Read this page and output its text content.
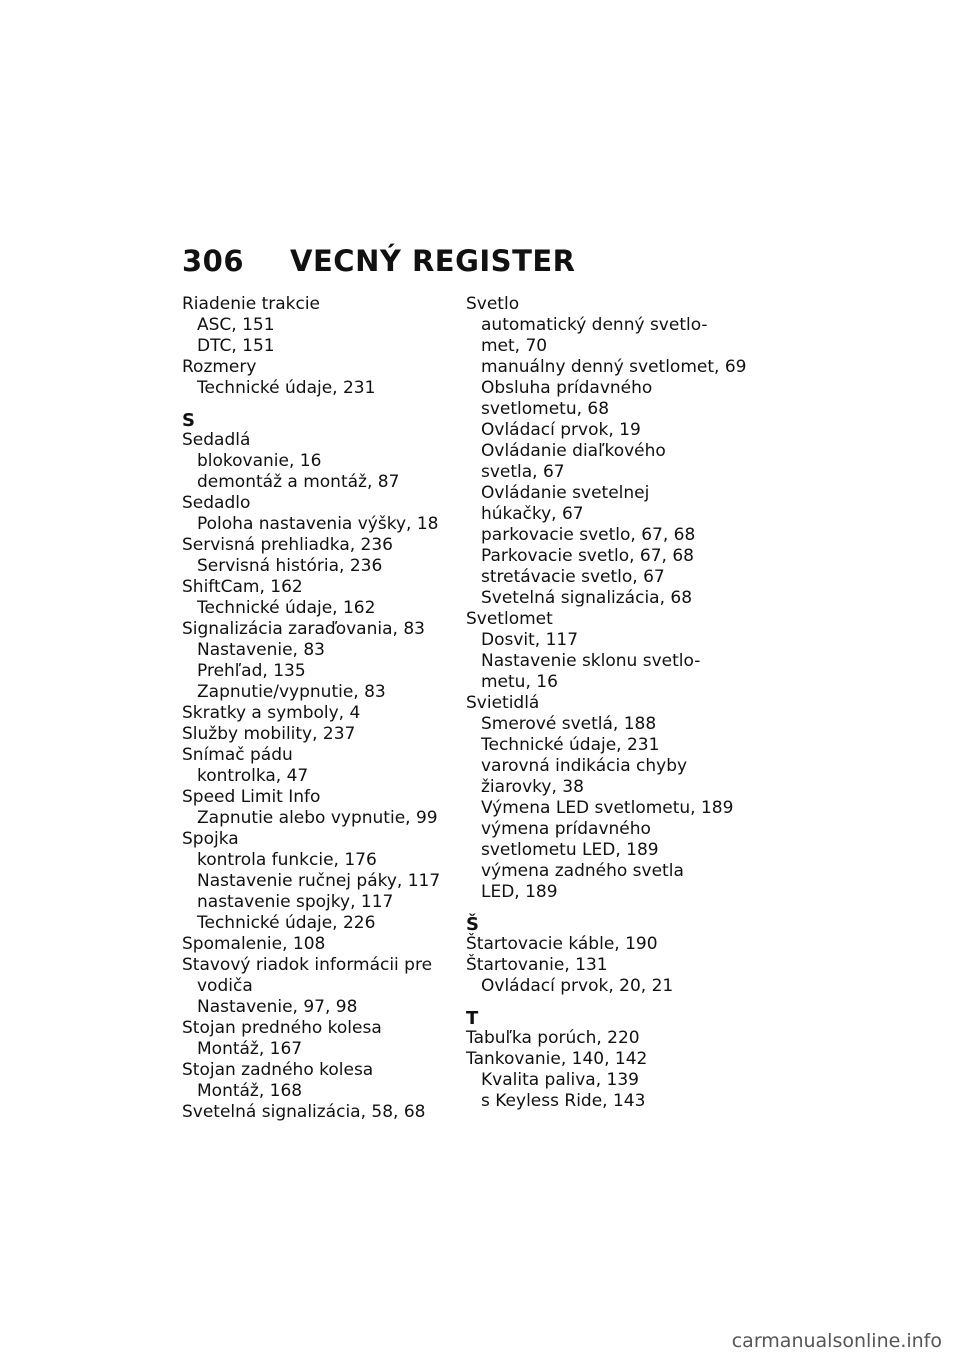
306 VECNÝ REGISTER
Riadenie trakcie
ASC, 151
DTC, 151
Rozmery
Technické údaje, 231
S
Sedadlá
blokovanie, 16
demontáž a montáž, 87
Sedadlo
Poloha nastavenia výšky, 18
Servisná prehliadka, 236
Servisná história, 236
ShiftCam, 162
Technické údaje, 162
Signalizácia zaraďovania, 83
Nastavenie, 83
Prehľad, 135
Zapnutie/vypnutie, 83
Skratky a symboly, 4
Služby mobility, 237
Snímač pádu
kontrolka, 47
Speed Limit Info
Zapnutie alebo vypnutie, 99
Spojka
kontrola funkcie, 176
Nastavenie ručnej páky, 117
nastavenie spojky, 117
Technické údaje, 226
Spomalenie, 108
Stavový riadok informácii pre
vodiča
Nastavenie, 97, 98
Stojan predného kolesa
Montáž, 167
Stojan zadného kolesa
Montáž, 168
Svetelná signalizácia, 58, 68
Svetlo
automatický denný svetlo-
met, 70
manuálny denný svetlomet, 69
Obsluha prídavného
svetlometu, 68
Ovládací prvok, 19
Ovládanie diaľkového
svetla, 67
Ovládanie svetelnej
húkačky, 67
parkovacie svetlo, 67, 68
Parkovacie svetlo, 67, 68
stretávacie svetlo, 67
Svetelná signalizácia, 68
Svetlomet
Dosvit, 117
Nastavenie sklonu svetlo-
metu, 16
Svietidlá
Smerové svetlá, 188
Technické údaje, 231
varovná indikácia chyby
žiarovky, 38
Výmena LED svetlometu, 189
výmena prídavného
svetlometu LED, 189
výmena zadného svetla
LED, 189
Š
Štartovacie káble, 190
Štartovanie, 131
Ovládací prvok, 20, 21
T
Tabuľka porúch, 220
Tankovanie, 140, 142
Kvalita paliva, 139
s Keyless Ride, 143
carmanualsonline.info
